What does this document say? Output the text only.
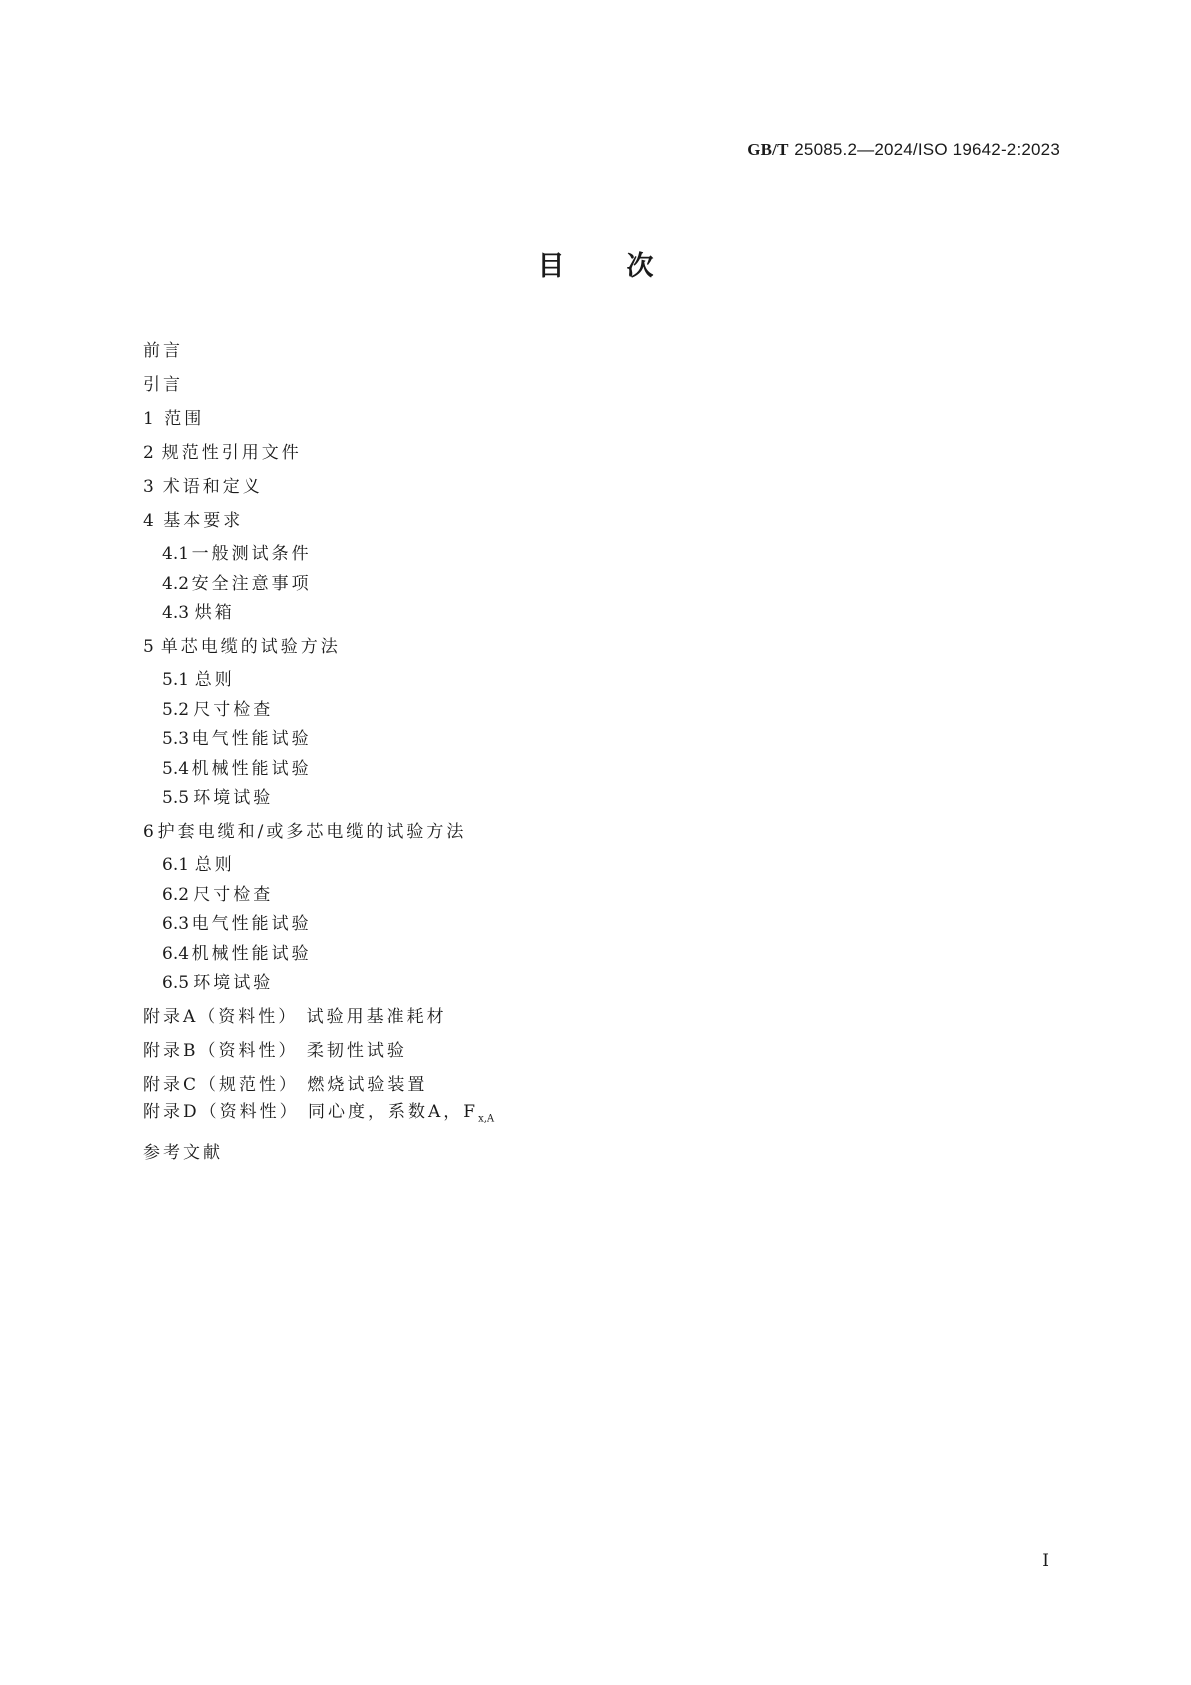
GB/T 25085.2—2024/ISO 19642-2:2023
目次
前言
引言
1 范围
2 规范性引用文件
3 术语和定义
4 基本要求
4.1 一般测试条件
4.2 安全注意事项
4.3 烘箱
5 单芯电缆的试验方法
5.1 总则
5.2 尺寸检查
5.3 电气性能试验
5.4 机械性能试验
5.5 环境试验
6 护套电缆和/或多芯电缆的试验方法
6.1 总则
6.2 尺寸检查
6.3 电气性能试验
6.4 机械性能试验
6.5 环境试验
附录A（资料性） 试验用基准耗材
附录B（资料性） 柔韧性试验
附录C（规范性） 燃烧试验装置
附录D（资料性） 同心度，系数A，$F_{x,A}$
参考文献
Ⅰ
